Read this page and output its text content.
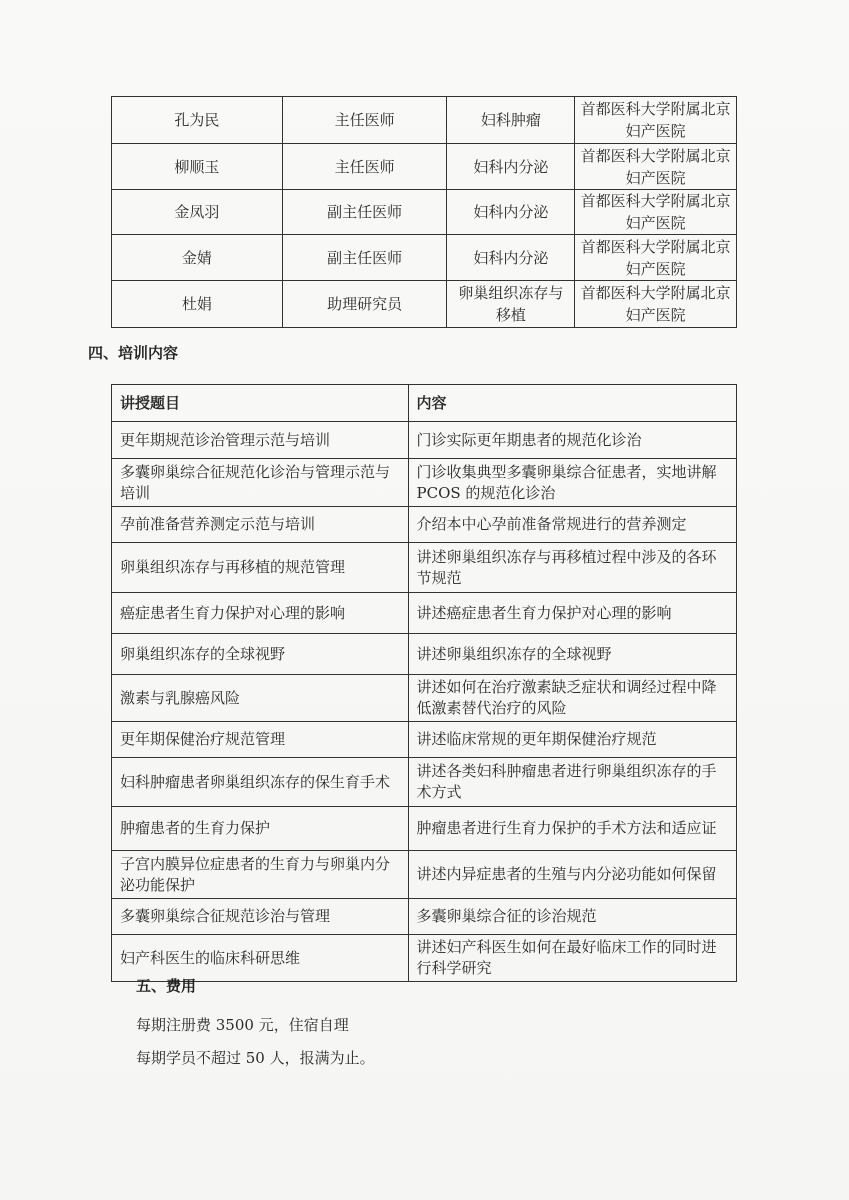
孔为民	主任医师	妇科肿瘤	首都医科大学附属北京妇产医院
柳顺玉	主任医师	妇科内分泌	首都医科大学附属北京妇产医院
金凤羽	副主任医师	妇科内分泌	首都医科大学附属北京妇产医院
金婧	副主任医师	妇科内分泌	首都医科大学附属北京妇产医院
杜娟	助理研究员	卵巢组织冻存与移植	首都医科大学附属北京妇产医院
四、培训内容
讲授题目	内容
更年期规范诊治管理示范与培训	门诊实际更年期患者的规范化诊治
多囊卵巢综合征规范化诊治与管理示范与培训	门诊收集典型多囊卵巢综合征患者，实地讲解 PCOS 的规范化诊治
孕前准备营养测定示范与培训	介绍本中心孕前准备常规进行的营养测定
卵巢组织冻存与再移植的规范管理	讲述卵巢组织冻存与再移植过程中涉及的各环节规范
癌症患者生育力保护对心理的影响	讲述癌症患者生育力保护对心理的影响
卵巢组织冻存的全球视野	讲述卵巢组织冻存的全球视野
激素与乳腺癌风险	讲述如何在治疗激素缺乏症状和调经过程中降低激素替代治疗的风险
更年期保健治疗规范管理	讲述临床常规的更年期保健治疗规范
妇科肿瘤患者卵巢组织冻存的保生育手术	讲述各类妇科肿瘤患者进行卵巢组织冻存的手术方式
肿瘤患者的生育力保护	肿瘤患者进行生育力保护的手术方法和适应证
子宫内膜异位症患者的生育力与卵巢内分泌功能保护	讲述内异症患者的生殖与内分泌功能如何保留
多囊卵巢综合征规范诊治与管理	多囊卵巢综合征的诊治规范
妇产科医生的临床科研思维	讲述妇产科医生如何在最好临床工作的同时进行科学研究
五、费用
每期注册费 3500 元，住宿自理
每期学员不超过 50 人，报满为止。
